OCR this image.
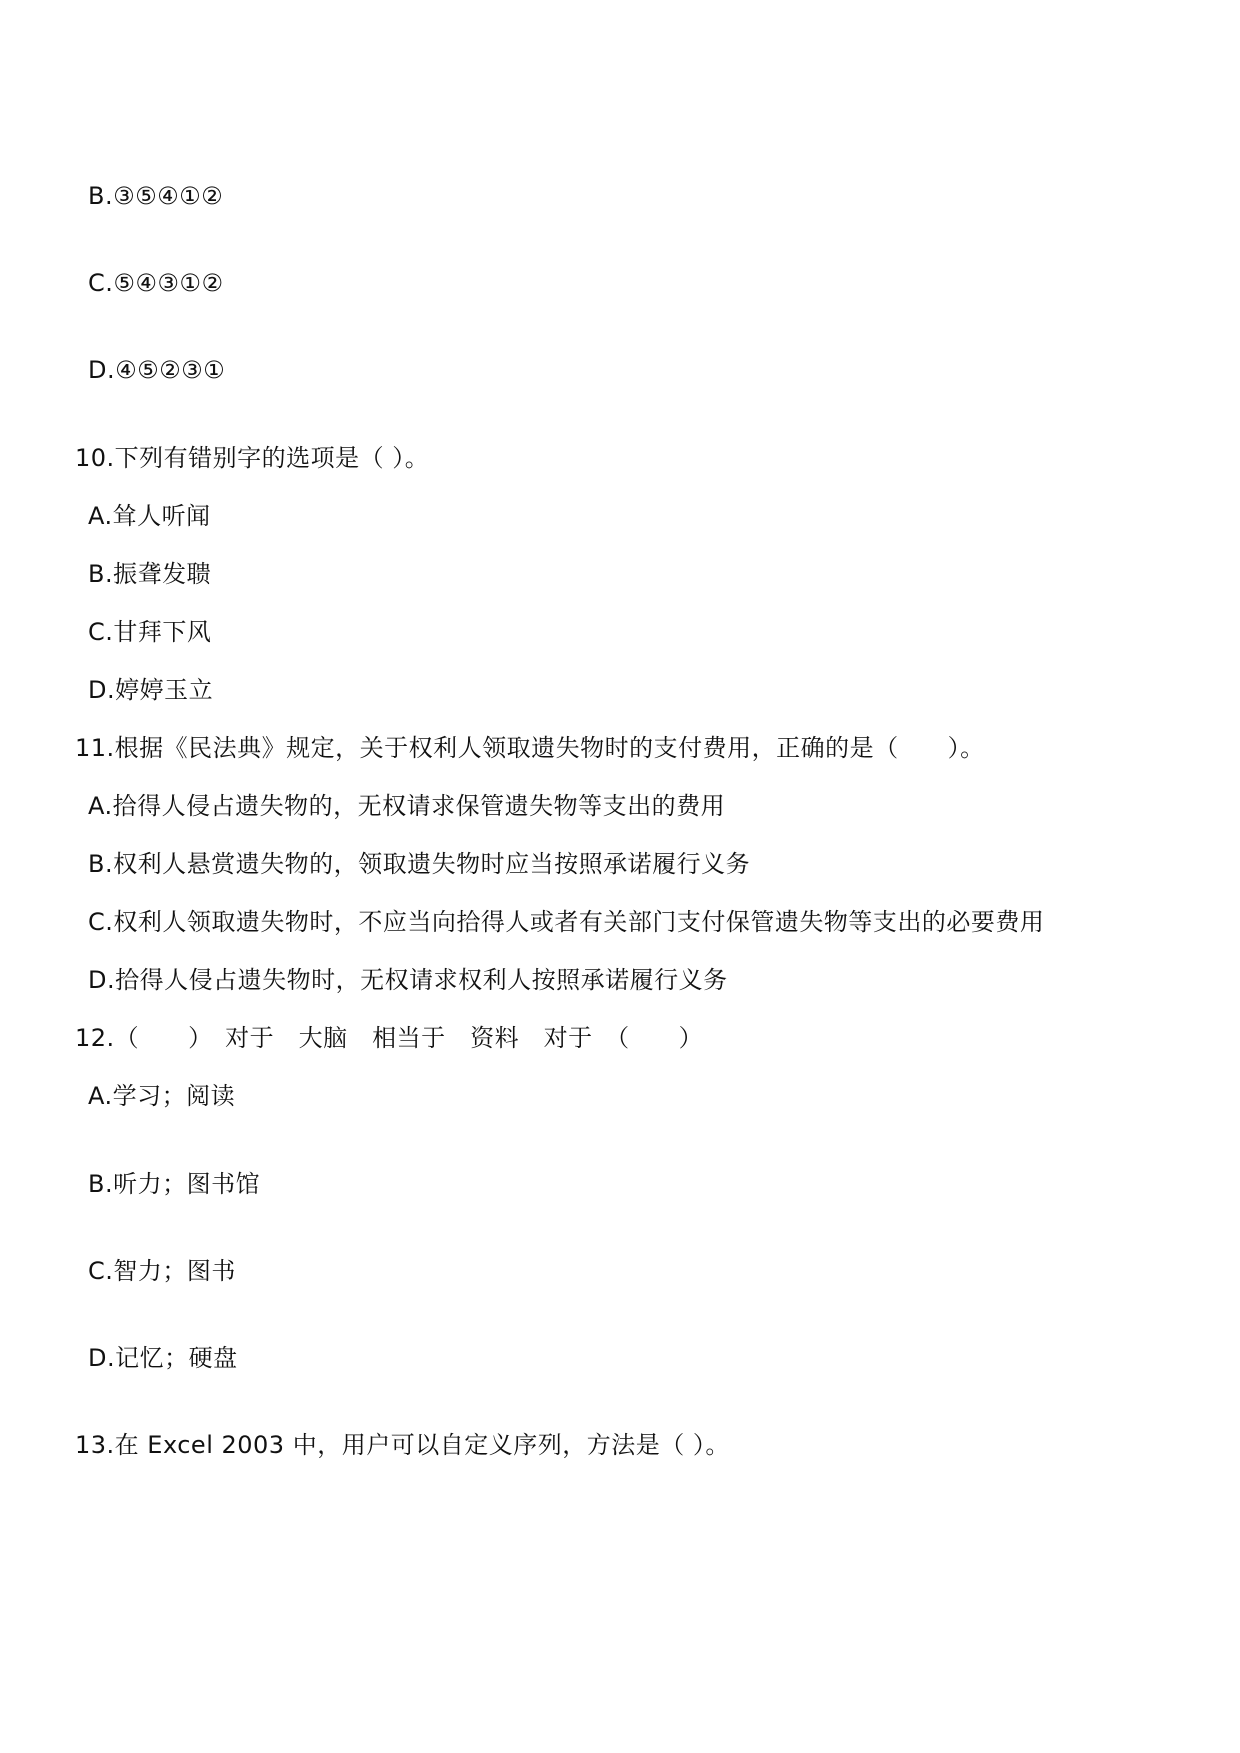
B.③⑤④①②
C.⑤④③①②
D.④⑤②③①
10.下列有错别字的选项是（ ）。
A.耸人听闻
B.振聋发聩
C.甘拜下风
D.婷婷玉立
11.根据《民法典》规定，关于权利人领取遗失物时的支付费用，正确的是（　　）。
A.拾得人侵占遗失物的，无权请求保管遗失物等支出的费用
B.权利人悬赏遗失物的，领取遗失物时应当按照承诺履行义务
C.权利人领取遗失物时，不应当向拾得人或者有关部门支付保管遗失物等支出的必要费用
D.拾得人侵占遗失物时，无权请求权利人按照承诺履行义务
12.（　　）　对于　大脑　相当于　资料　对于　（　　）
A.学习；阅读
B.听力；图书馆
C.智力；图书
D.记忆；硬盘
13.在 Excel 2003 中，用户可以自定义序列，方法是（ ）。
